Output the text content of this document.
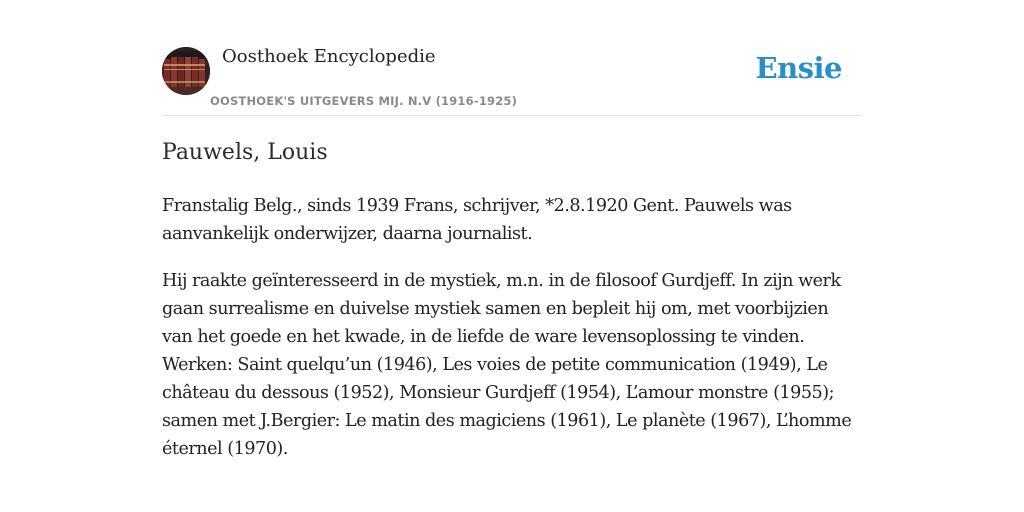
Oosthoek Encyclopedie
OOSTHOEK'S UITGEVERS MIJ. N.V (1916-1925)
Ensie
Pauwels, Louis

Franstalig Belg., sinds 1939 Frans, schrijver, *2.8.1920 Gent. Pauwels was aanvankelijk onderwijzer, daarna journalist.

Hij raakte geïnteresseerd in de mystiek, m.n. in de filosoof Gurdjeff. In zijn werk gaan surrealisme en duivelse mystiek samen en bepleit hij om, met voorbijzien van het goede en het kwade, in de liefde de ware levensoplossing te vinden. Werken: Saint quelqu’un (1946), Les voies de petite communication (1949), Le château du dessous (1952), Monsieur Gurdjeff (1954), L’amour monstre (1955); samen met J.Bergier: Le matin des magiciens (1961), Le planète (1967), L’homme éternel (1970).
